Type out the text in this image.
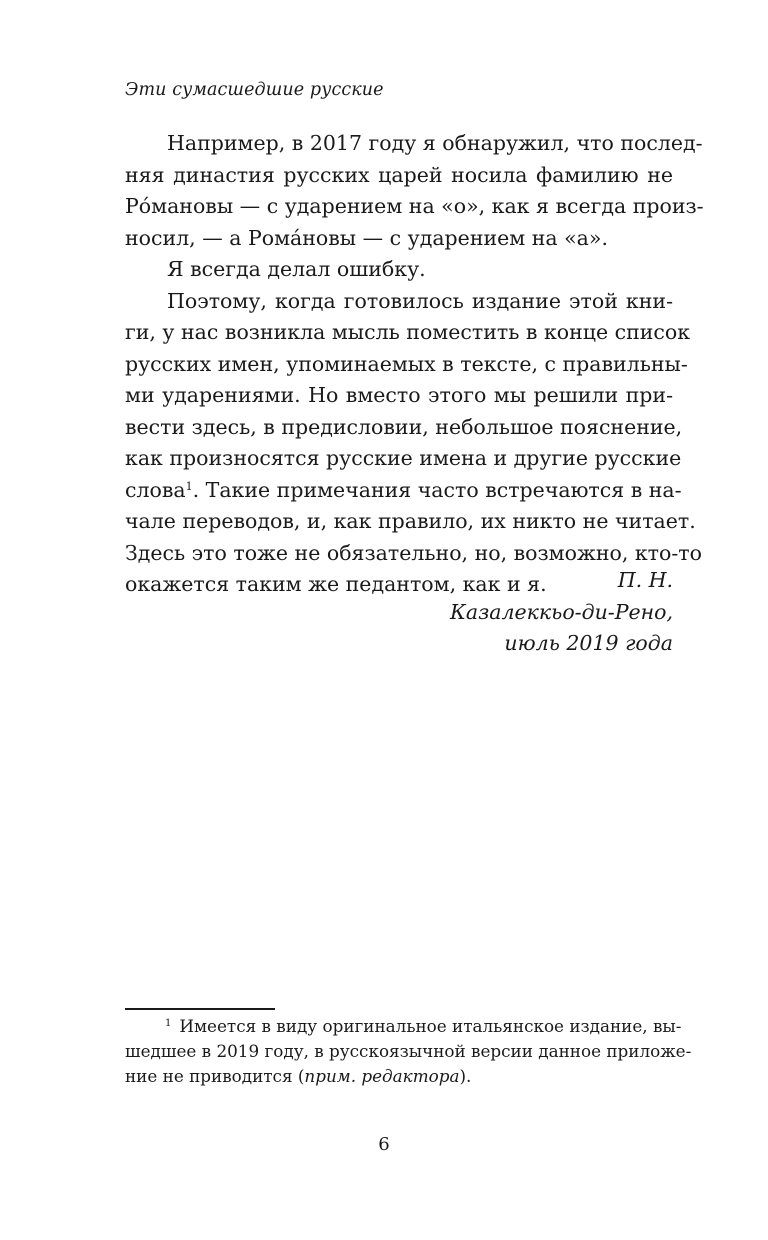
Эти сумасшедшие русские
Например, в 2017 году я обнаружил, что послед-
няя династия русских царей носила фамилию не
Ро́мановы — с ударением на «о», как я всегда произ-
носил, — а Рома́новы — с ударением на «а».
Я всегда делал ошибку.
Поэтому, когда готовилось издание этой кни-
ги, у нас возникла мысль поместить в конце список
русских имен, упоминаемых в тексте, с правильны-
ми ударениями. Но вместо этого мы решили при-
вести здесь, в предисловии, небольшое пояснение,
как произносятся русские имена и другие русские
слова$^1$. Такие примечания часто встречаются в на-
чале переводов, и, как правило, их никто не читает.
Здесь это тоже не обязательно, но, возможно, кто-то
окажется таким же педантом, как и я.	П. Н.
Казалеккьо-ди-Рено,
июль 2019 года
$^1$ Имеется в виду оригинальное итальянское издание, вы-
шедшее в 2019 году, в русскоязычной версии данное приложе-
ние не приводится (прим. редактора).
6
